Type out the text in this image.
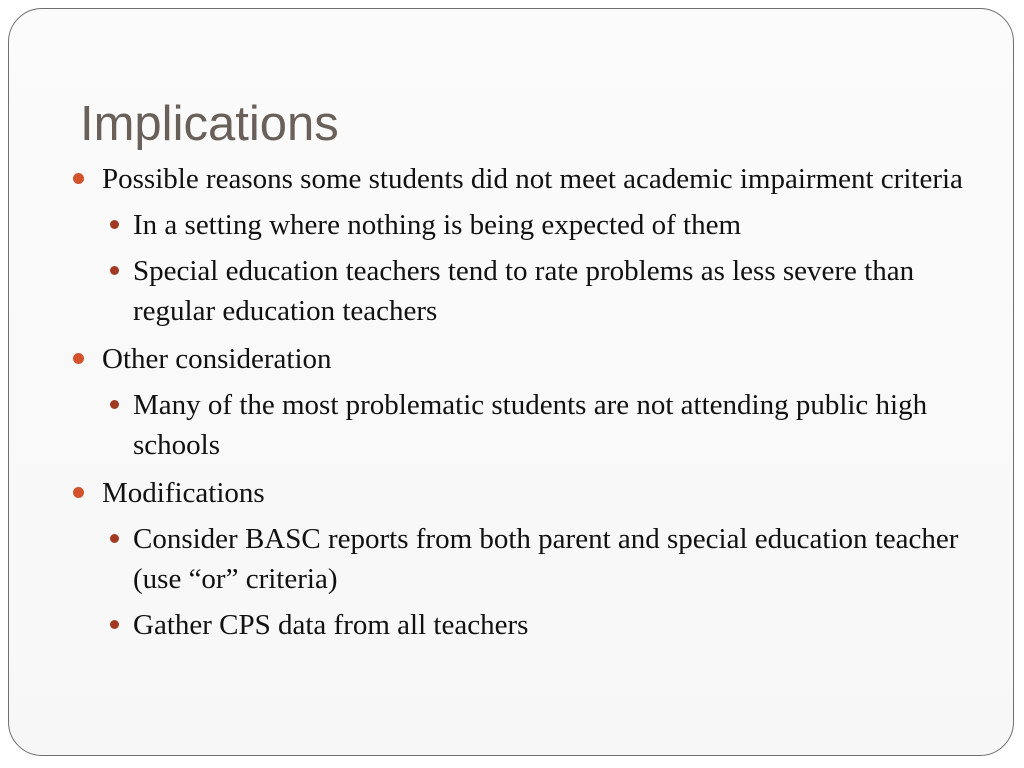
Implications
Possible reasons some students did not meet academic impairment criteria
In a setting where nothing is being expected of them
Special education teachers tend to rate problems as less severe than regular education teachers
Other consideration
Many of the most problematic students are not attending public high schools
Modifications
Consider BASC reports from both parent and special education teacher (use “or” criteria)
Gather CPS data from all teachers
